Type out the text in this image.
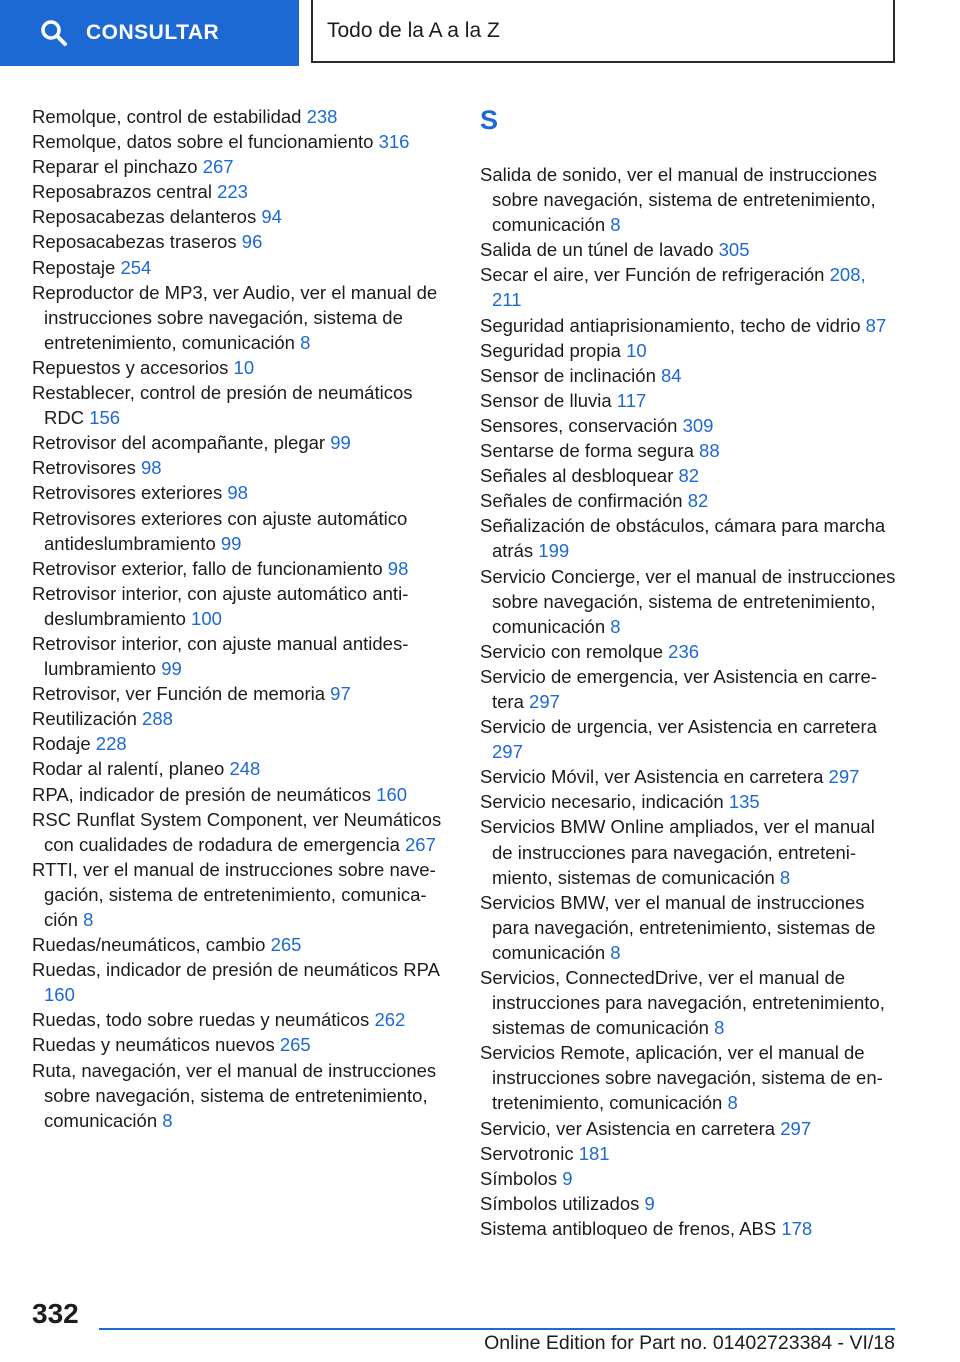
CONSULTAR	Todo de la A a la Z
Remolque, control de estabilidad 238
Remolque, datos sobre el funcionamiento 316
Reparar el pinchazo 267
Reposabrazos central 223
Reposacabezas delanteros 94
Reposacabezas traseros 96
Repostaje 254
Reproductor de MP3, ver Audio, ver el manual de instrucciones sobre navegación, sistema de entretenimiento, comunicación 8
Repuestos y accesorios 10
Restablecer, control de presión de neumáticos RDC 156
Retrovisor del acompañante, plegar 99
Retrovisores 98
Retrovisores exteriores 98
Retrovisores exteriores con ajuste automático antideslumbramiento 99
Retrovisor exterior, fallo de funcionamiento 98
Retrovisor interior, con ajuste automático antideslumbramiento 100
Retrovisor interior, con ajuste manual antideslumbramiento 99
Retrovisor, ver Función de memoria 97
Reutilización 288
Rodaje 228
Rodar al ralentí, planeo 248
RPA, indicador de presión de neumáticos 160
RSC Runflat System Component, ver Neumáticos con cualidades de rodadura de emergencia 267
RTTI, ver el manual de instrucciones sobre navegación, sistema de entretenimiento, comunicación 8
Ruedas/neumáticos, cambio 265
Ruedas, indicador de presión de neumáticos RPA 160
Ruedas, todo sobre ruedas y neumáticos 262
Ruedas y neumáticos nuevos 265
Ruta, navegación, ver el manual de instrucciones sobre navegación, sistema de entretenimiento, comunicación 8
S
Salida de sonido, ver el manual de instrucciones sobre navegación, sistema de entretenimiento, comunicación 8
Salida de un túnel de lavado 305
Secar el aire, ver Función de refrigeración 208, 211
Seguridad antiaprisionamiento, techo de vidrio 87
Seguridad propia 10
Sensor de inclinación 84
Sensor de lluvia 117
Sensores, conservación 309
Sentarse de forma segura 88
Señales al desbloquear 82
Señales de confirmación 82
Señalización de obstáculos, cámara para marcha atrás 199
Servicio Concierge, ver el manual de instrucciones sobre navegación, sistema de entretenimiento, comunicación 8
Servicio con remolque 236
Servicio de emergencia, ver Asistencia en carretera 297
Servicio de urgencia, ver Asistencia en carretera 297
Servicio Móvil, ver Asistencia en carretera 297
Servicio necesario, indicación 135
Servicios BMW Online ampliados, ver el manual de instrucciones para navegación, entretenimiento, sistemas de comunicación 8
Servicios BMW, ver el manual de instrucciones para navegación, entretenimiento, sistemas de comunicación 8
Servicios, ConnectedDrive, ver el manual de instrucciones para navegación, entretenimiento, sistemas de comunicación 8
Servicios Remote, aplicación, ver el manual de instrucciones sobre navegación, sistema de entretenimiento, comunicación 8
Servicio, ver Asistencia en carretera 297
Servotronic 181
Símbolos 9
Símbolos utilizados 9
Sistema antibloqueo de frenos, ABS 178
332
Online Edition for Part no. 01402723384 - VI/18
